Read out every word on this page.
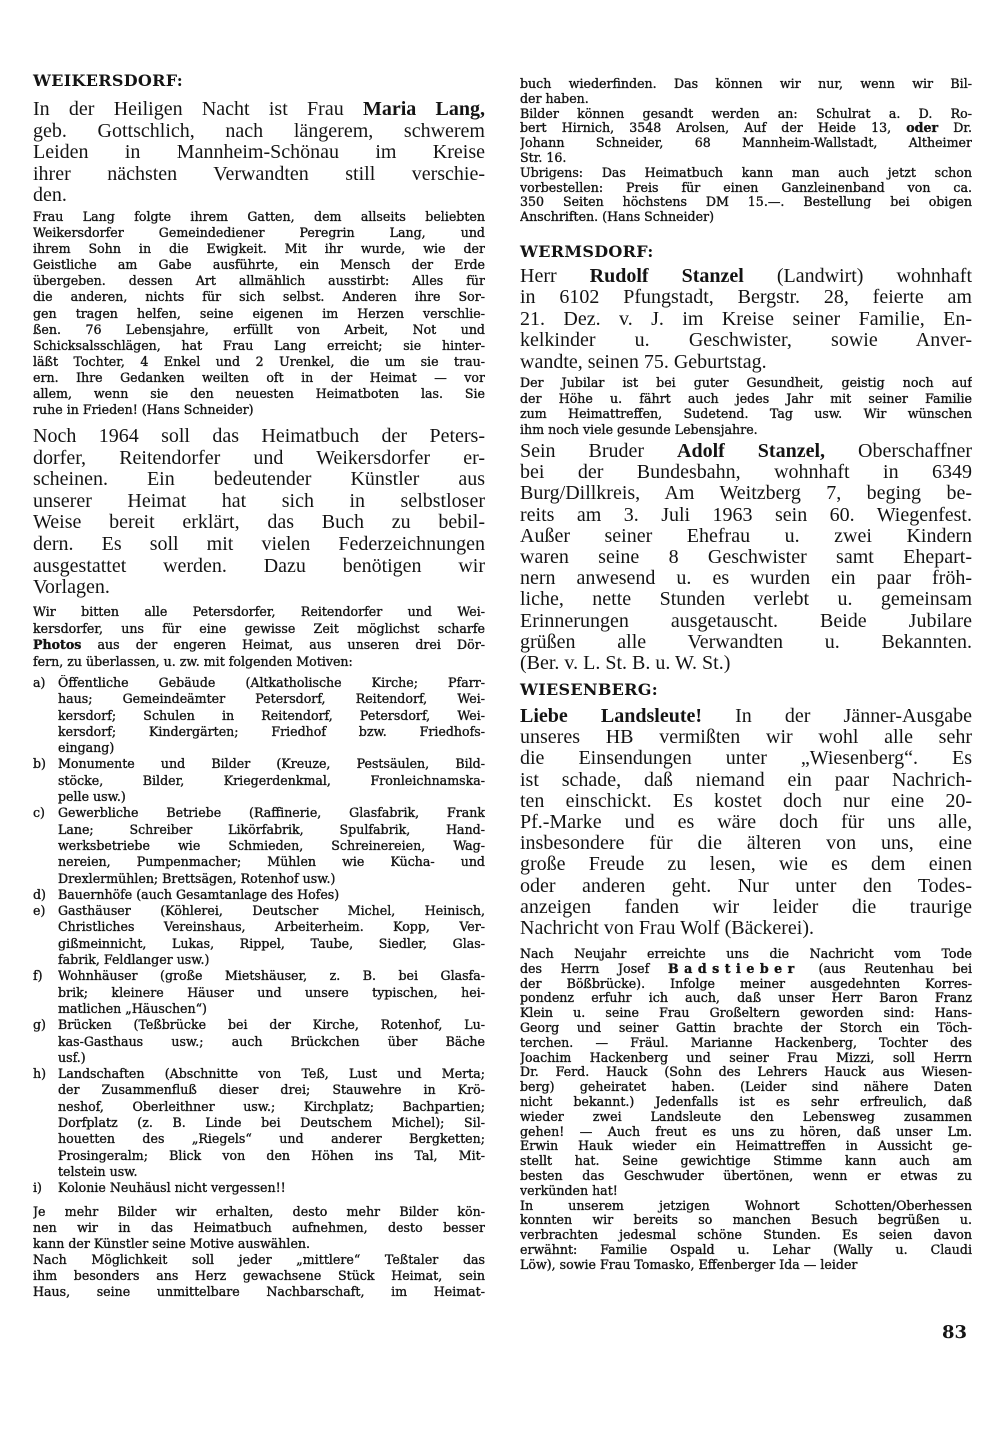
WEIKERSDORF:
In der Heiligen Nacht ist Frau Maria Lang,
geb. Gottschlich, nach längerem, schwerem
Leiden in Mannheim-Schönau im Kreise
ihrer nächsten Verwandten still verschie-
den.
Frau Lang folgte ihrem Gatten, dem allseits beliebten
Weikersdorfer Gemeindediener Peregrin Lang, und
ihrem Sohn in die Ewigkeit. Mit ihr wurde, wie der
Geistliche am Gabe ausführte, ein Mensch der Erde
übergeben. dessen Art allmählich ausstirbt: Alles für
die anderen, nichts für sich selbst. Anderen ihre Sor-
gen tragen helfen, seine eigenen im Herzen verschlie-
ßen. 76 Lebensjahre, erfüllt von Arbeit, Not und
Schicksalsschlägen, hat Frau Lang erreicht; sie hinter-
läßt Tochter, 4 Enkel und 2 Urenkel, die um sie trau-
ern. Ihre Gedanken weilten oft in der Heimat — vor
allem, wenn sie den neuesten Heimatboten las. Sie
ruhe in Frieden! (Hans Schneider)
Noch 1964 soll das Heimatbuch der Peters-
dorfer, Reitendorfer und Weikersdorfer er-
scheinen. Ein bedeutender Künstler aus
unserer Heimat hat sich in selbstloser
Weise bereit erklärt, das Buch zu bebil-
dern. Es soll mit vielen Federzeichnungen
ausgestattet werden. Dazu benötigen wir
Vorlagen.
Wir bitten alle Petersdorfer, Reitendorfer und Wei-
kersdorfer, uns für eine gewisse Zeit möglichst scharfe
Photos aus der engeren Heimat, aus unseren drei Dör-
fern, zu überlassen, u. zw. mit folgenden Motiven:
a) Öffentliche Gebäude (Altkatholische Kirche; Pfarr-
haus; Gemeindeämter Petersdorf, Reitendorf, Wei-
kersdorf; Schulen in Reitendorf, Petersdorf, Wei-
kersdorf; Kindergärten; Friedhof bzw. Friedhofs-
eingang)
b) Monumente und Bilder (Kreuze, Pestsäulen, Bild-
stöcke, Bilder, Kriegerdenkmal, Fronleichnamska-
pelle usw.)
c)	Gewerbliche Betriebe (Raffinerie, Glasfabrik, Frank
Lane; Schreiber Likörfabrik, Spulfabrik, Hand-
werksbetriebe wie Schmieden, Schreinereien, Wag-
nereien, Pumpenmacher; Mühlen wie Kücha- und
Drexlermühlen; Brettsägen, Rotenhof usw.)
d) Bauernhöfe (auch Gesamtanlage des Hofes)
e)	Gasthäuser (Köhlerei, Deutscher Michel, Heinisch,
Christliches Vereinshaus, Arbeiterheim. Kopp, Ver-
gißmeinnicht, Lukas, Rippel, Taube, Siedler, Glas-
fabrik, Feldlanger usw.)
f)	Wohnhäuser (große Mietshäuser, z. B. bei Glasfa-
brik; kleinere Häuser und unsere typischen, hei-
matlichen „Häuschen“)
g) Brücken (Teßbrücke bei der Kirche, Rotenhof, Lu-
kas-Gasthaus usw.; auch Brückchen über Bäche
usf.)
h) Landschaften (Abschnitte von Teß, Lust und Merta;
der Zusammenfluß dieser drei; Stauwehre in Krö-
neshof, Oberleithner usw.; Kirchplatz; Bachpartien;
Dorfplatz (z. B. Linde bei Deutschem Michel); Sil-
houetten des „Riegels“ und anderer Bergketten;
Prosingeralm; Blick von den Höhen ins Tal, Mit-
telstein usw.
i)	Kolonie Neuhäusl nicht vergessen!!
Je mehr Bilder wir erhalten, desto mehr Bilder kön-
nen wir in das Heimatbuch aufnehmen, desto besser
kann der Künstler seine Motive auswählen.
Nach Möglichkeit soll jeder „mittlere“ Teßtaler das
ihm besonders ans Herz gewachsene Stück Heimat, sein
Haus, seine unmittelbare Nachbarschaft, im Heimat-
buch wiederfinden. Das können wir nur, wenn wir Bil-
der haben.
Bilder können gesandt werden an: Schulrat a. D. Ro-
bert Hirnich, 3548 Arolsen, Auf der Heide 13, oder Dr.
Johann Schneider, 68 Mannheim-Wallstadt, Altheimer
Str. 16.
Übrigens: Das Heimatbuch kann man auch jetzt schon
vorbestellen: Preis für einen Ganzleinenband von ca.
350 Seiten höchstens DM 15.—. Bestellung bei obigen
Anschriften. (Hans Schneider)
WERMSDORF:
Herr Rudolf Stanzel (Landwirt) wohnhaft
in 6102 Pfungstadt, Bergstr. 28, feierte am
21. Dez. v. J. im Kreise seiner Familie, En-
kelkinder u. Geschwister, sowie Anver-
wandte, seinen 75. Geburtstag.
Der Jubilar ist bei guter Gesundheit, geistig noch auf
der Höhe u. fährt auch jedes Jahr mit seiner Familie
zum Heimattreffen, Sudetend. Tag usw. Wir wünschen
ihm noch viele gesunde Lebensjahre.
Sein Bruder Adolf Stanzel, Oberschaffner
bei der Bundesbahn, wohnhaft in 6349
Burg/Dillkreis, Am Weitzberg 7, beging be-
reits am 3. Juli 1963 sein 60. Wiegenfest.
Außer seiner Ehefrau u. zwei Kindern
waren seine 8 Geschwister samt Ehepart-
nern anwesend u. es wurden ein paar fröh-
liche, nette Stunden verlebt u. gemeinsam
Erinnerungen ausgetauscht. Beide Jubilare
grüßen alle Verwandten u. Bekannten.
(Ber. v. L. St. B. u. W. St.)
WIESENBERG:
Liebe Landsleute! In der Jänner-Ausgabe
unseres HB vermißten wir wohl alle sehr
die Einsendungen unter „Wiesenberg“. Es
ist schade, daß niemand ein paar Nachrich-
ten einschickt. Es kostet doch nur eine 20-
Pf.-Marke und es wäre doch für uns alle,
insbesondere für die älteren von uns, eine
große Freude zu lesen, wie es dem einen
oder anderen geht. Nur unter den Todes-
anzeigen fanden wir leider die traurige
Nachricht von Frau Wolf (Bäckerei).
Nach Neujahr erreichte uns die Nachricht vom Tode
des Herrn Josef Badstieber (aus Reutenhau bei
der Bößbrücke). Infolge meiner ausgedehnten Korres-
pondenz erfuhr ich auch, daß unser Herr Baron Franz
Klein u. seine Frau Großeltern geworden sind: Hans-
Georg und seiner Gattin brachte der Storch ein Töch-
terchen. — Fräul. Marianne Hackenberg, Tochter des
Joachim Hackenberg und seiner Frau Mizzi, soll Herrn
Dr. Ferd. Hauck (Sohn des Lehrers Hauck aus Wiesen-
berg) geheiratet haben. (Leider sind nähere Daten
nicht bekannt.) Jedenfalls ist es sehr erfreulich, daß
wieder zwei Landsleute den Lebensweg zusammen
gehen! — Auch freut es uns zu hören, daß unser Lm.
Erwin Hauk wieder ein Heimattreffen in Aussicht ge-
stellt hat. Seine gewichtige Stimme kann auch am
besten das Geschwuder übertönen, wenn er etwas zu
verkünden hat!
In unserem jetzigen Wohnort Schotten/Oberhessen
konnten wir bereits so manchen Besuch begrüßen u.
verbrachten jedesmal schöne Stunden. Es seien davon
erwähnt: Familie Ospald u. Lehar (Wally u. Claudi
Löw), sowie Frau Tomasko, Effenberger Ida — leider
83
